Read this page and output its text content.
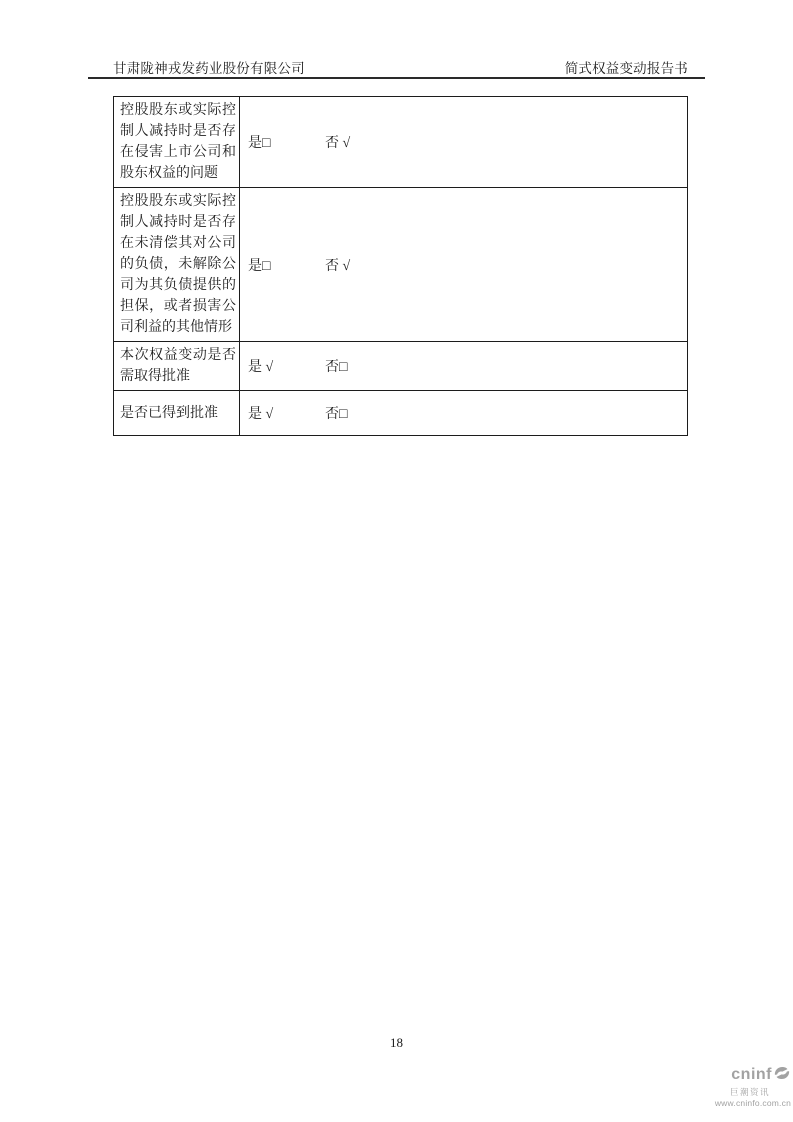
甘肃陇神戎发药业股份有限公司	简式权益变动报告书
控股股东或实际控制人减持时是否存在侵害上市公司和股东权益的问题	是□ 否 √
控股股东或实际控制人减持时是否存在未清偿其对公司的负债，未解除公司为其负债提供的担保，或者损害公司利益的其他情形	是□ 否 √
本次权益变动是否需取得批准	是 √ 否□
是否已得到批准	是 √ 否□
18
cninf
巨潮资讯
www.cninfo.com.cn
